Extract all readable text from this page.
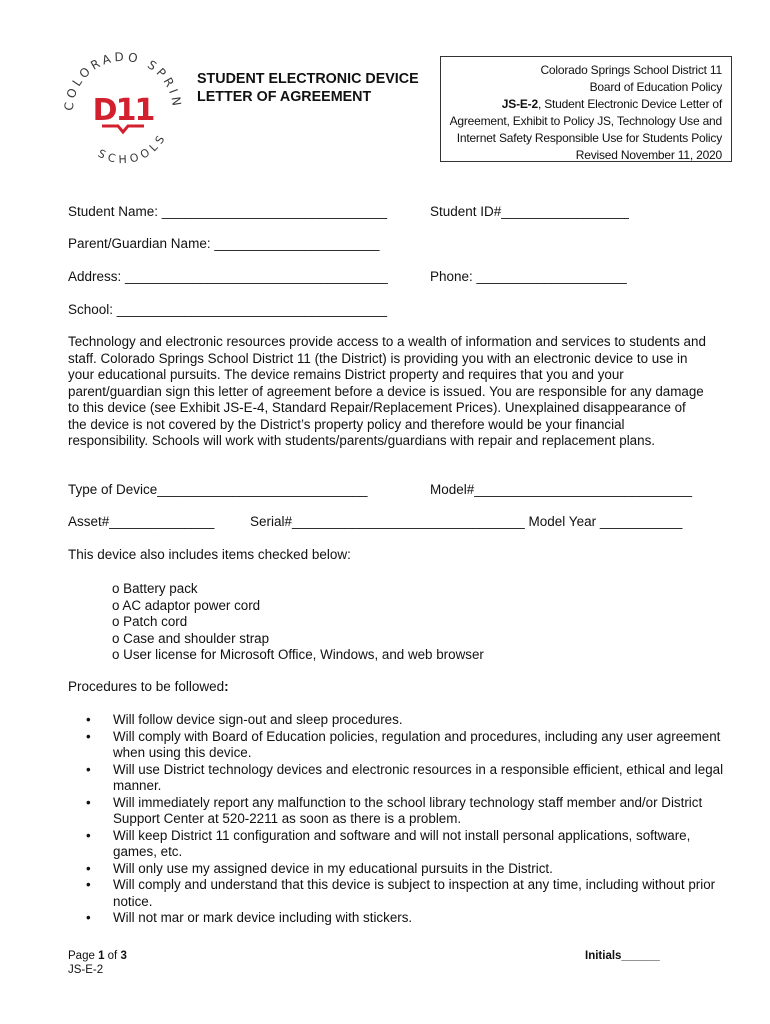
COLORADO SPRIN
SCHOOLS
D11
STUDENT ELECTRONIC DEVICE
LETTER OF AGREEMENT
Colorado Springs School District 11
Board of Education Policy
JS-E-2, Student Electronic Device Letter of
Agreement, Exhibit to Policy JS, Technology Use and
Internet Safety Responsible Use for Students Policy
Revised November 11, 2020
Student Name: ______________________________	Student ID#_________________
Parent/Guardian Name: ______________________
Address: ___________________________________	Phone: ____________________
School: ____________________________________
Technology and electronic resources provide access to a wealth of information and services to students and staff. Colorado Springs School District 11 (the District) is providing you with an electronic device to use in your educational pursuits. The device remains District property and requires that you and your parent/guardian sign this letter of agreement before a device is issued. You are responsible for any damage to this device (see Exhibit JS-E-4, Standard Repair/Replacement Prices). Unexplained disappearance of the device is not covered by the District’s property policy and therefore would be your financial responsibility. Schools will work with students/parents/guardians with repair and replacement plans.
Type of Device____________________________	Model#_____________________________
Asset#______________	Serial#_______________________________ Model Year ___________
This device also includes items checked below:
o Battery pack
o AC adaptor power cord
o Patch cord
o Case and shoulder strap
o User license for Microsoft Office, Windows, and web browser
Procedures to be followed:
• Will follow device sign-out and sleep procedures.
• Will comply with Board of Education policies, regulation and procedures, including any user agreement when using this device.
• Will use District technology devices and electronic resources in a responsible efficient, ethical and legal manner.
• Will immediately report any malfunction to the school library technology staff member and/or District Support Center at 520-2211 as soon as there is a problem.
• Will keep District 11 configuration and software and will not install personal applications, software, games, etc.
• Will only use my assigned device in my educational pursuits in the District.
• Will comply and understand that this device is subject to inspection at any time, including without prior notice.
• Will not mar or mark device including with stickers.
Page 1 of 3
JS-E-2
Initials______
